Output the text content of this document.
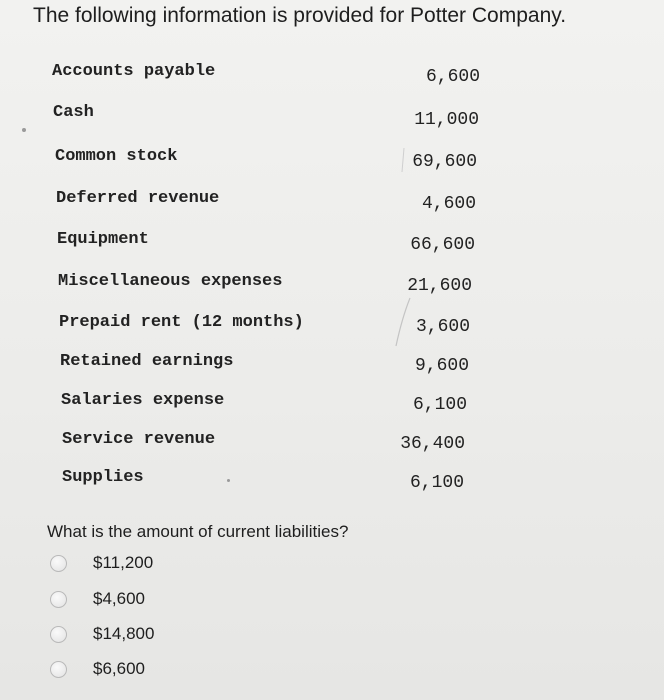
The following information is provided for Potter Company.
Accounts payable	6,600
Cash	11,000
Common stock	69,600
Deferred revenue	4,600
Equipment	66,600
Miscellaneous expenses	21,600
Prepaid rent (12 months)	3,600
Retained earnings	9,600
Salaries expense	6,100
Service revenue	36,400
Supplies	6,100
What is the amount of current liabilities?
$11,200
$4,600
$14,800
$6,600
